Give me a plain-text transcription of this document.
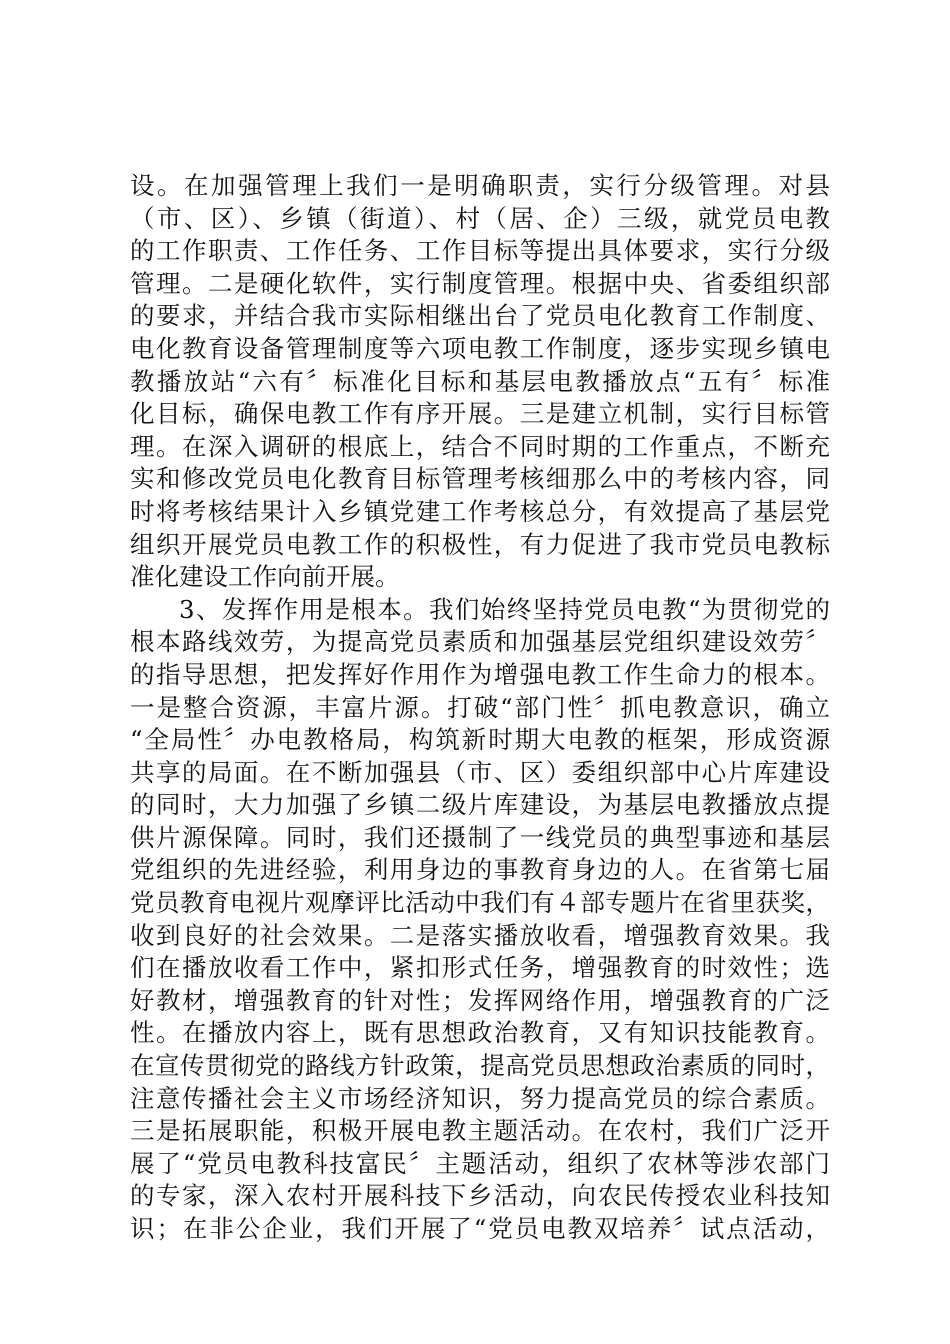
设。在加强管理上我们一是明确职责，实行分级管理。对县
（市、区）、乡镇（街道）、村（居、企）三级，就党员电教
的工作职责、工作任务、工作目标等提出具体要求，实行分级
管理。二是硬化软件，实行制度管理。根据中央、省委组织部
的要求，并结合我市实际相继出台了党员电化教育工作制度、
电化教育设备管理制度等六项电教工作制度，逐步实现乡镇电
教播放站“六有〞标准化目标和基层电教播放点“五有〞标准
化目标，确保电教工作有序开展。三是建立机制，实行目标管
理。在深入调研的根底上，结合不同时期的工作重点，不断充
实和修改党员电化教育目标管理考核细那么中的考核内容，同
时将考核结果计入乡镇党建工作考核总分，有效提高了基层党
组织开展党员电教工作的积极性，有力促进了我市党员电教标
准化建设工作向前开展。
3、发挥作用是根本。我们始终坚持党员电教“为贯彻党的
根本路线效劳，为提高党员素质和加强基层党组织建设效劳〞
的指导思想，把发挥好作用作为增强电教工作生命力的根本。
一是整合资源，丰富片源。打破“部门性〞抓电教意识，确立
“全局性〞办电教格局，构筑新时期大电教的框架，形成资源
共享的局面。在不断加强县（市、区）委组织部中心片库建设
的同时，大力加强了乡镇二级片库建设，为基层电教播放点提
供片源保障。同时，我们还摄制了一线党员的典型事迹和基层
党组织的先进经验，利用身边的事教育身边的人。在省第七届
党员教育电视片观摩评比活动中我们有４部专题片在省里获奖，
收到良好的社会效果。二是落实播放收看，增强教育效果。我
们在播放收看工作中，紧扣形式任务，增强教育的时效性；选
好教材，增强教育的针对性；发挥网络作用，增强教育的广泛
性。在播放内容上，既有思想政治教育，又有知识技能教育。
在宣传贯彻党的路线方针政策，提高党员思想政治素质的同时，
注意传播社会主义市场经济知识，努力提高党员的综合素质。
三是拓展职能，积极开展电教主题活动。在农村，我们广泛开
展了“党员电教科技富民〞主题活动，组织了农林等涉农部门
的专家，深入农村开展科技下乡活动，向农民传授农业科技知
识；在非公企业，我们开展了“党员电教双培养〞试点活动，
